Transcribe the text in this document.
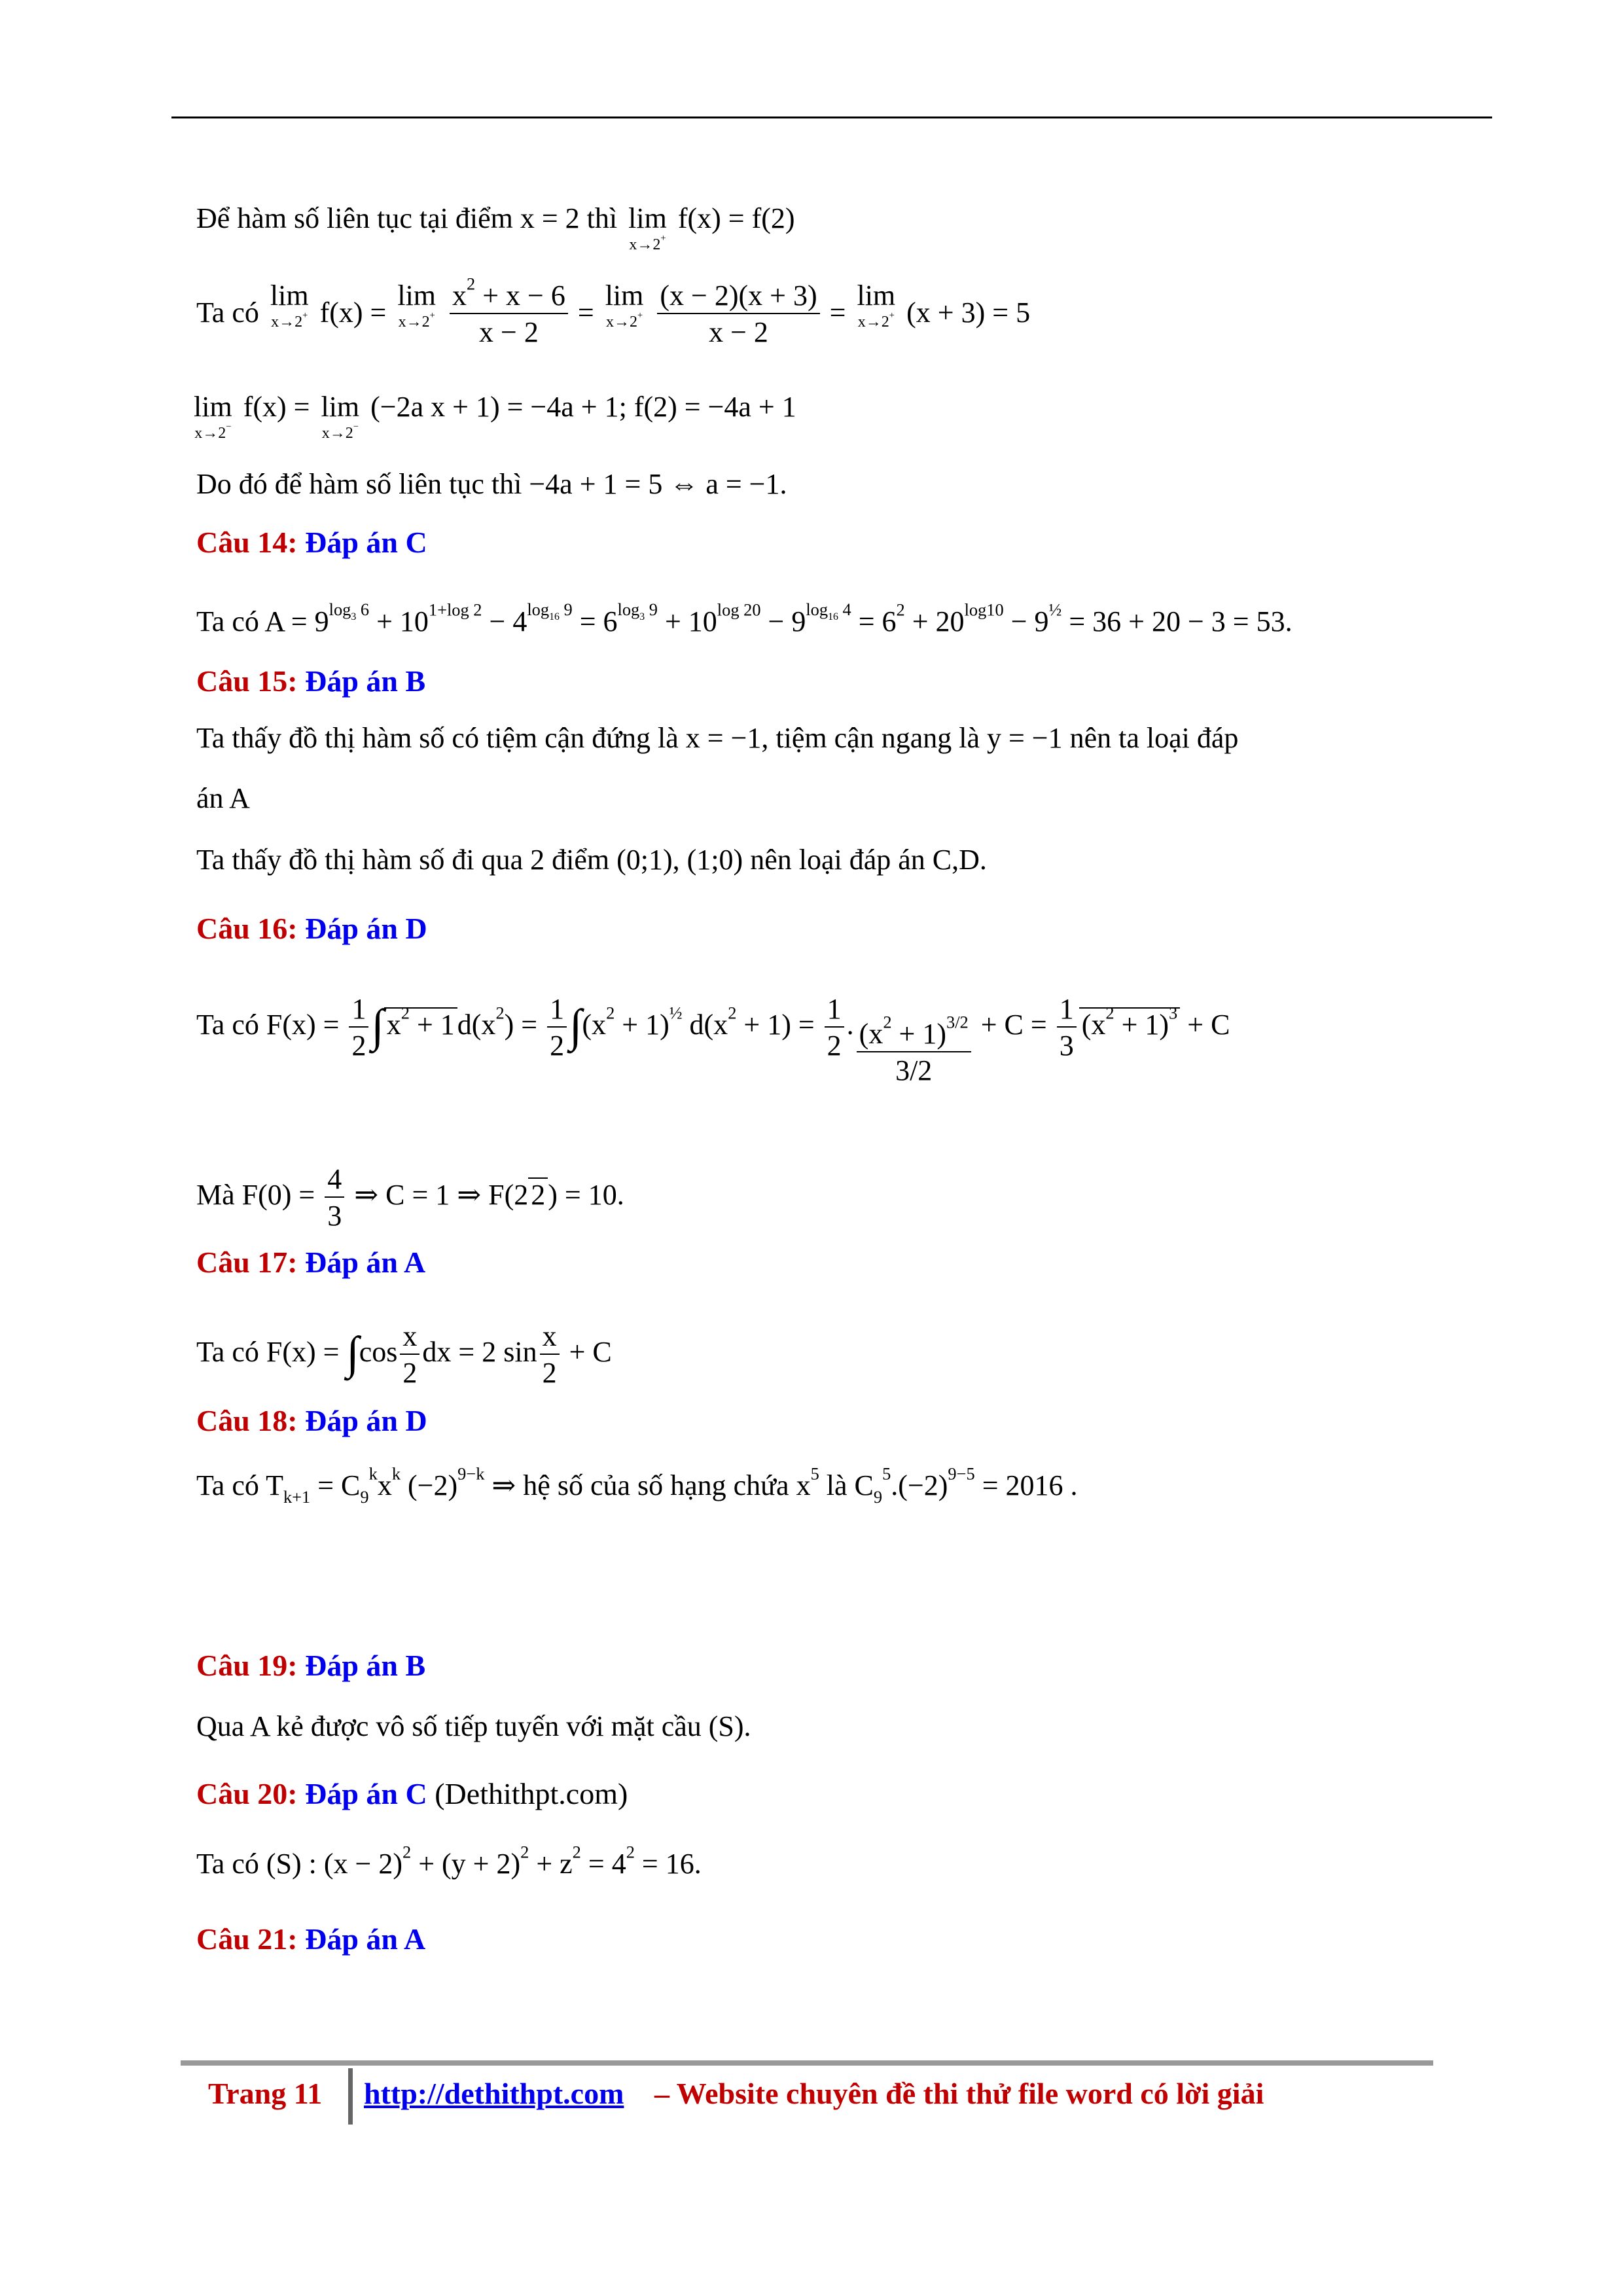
Để hàm số liên tục tại điểm x = 2 thì lim
x→2+
f(x) = f(2)
Ta có lim
x→2+ f(x) = lim
x→2+
$\frac{x^2 + x - 6}{x - 2} = \lim$
x→2+
$\frac{(x - 2)(x + 3)}{x - 2} = \lim$
x→2+ (x + 3) = 5
lim
x→2−
f(x) = lim
x→2−
(−2a x + 1) = −4a + 1; f(2) = −4a + 1
Do đó để hàm số liên tục thì −4a + 1 = 5 ⇔ a = −1.
Câu 14: Đáp án C
Ta có $A = 9^{log_3 6} + 10^{1+log 2} - 4^{log_{16} 9} = 6^{log_3 9} + 10^{log 20} - 9^{log_{16} 4} = 6^2 + 20^{log10} - 9^{\frac{1}{2}} = 36 + 20 - 3 = 53$.
Câu 15: Đáp án B
Ta thấy đồ thị hàm số có tiệm cận đứng là x = −1, tiệm cận ngang là y = −1 nên ta loại đáp
án A
Ta thấy đồ thị hàm số đi qua 2 điểm (0;1), (1;0) nên loại đáp án C,D.
Câu 16: Đáp án D
Ta có $F(x) = \frac{1}{2} \int x^2 + 1d(x^2) = \frac{1}{2} \int(x^2 + 1)^{\frac{1}{2}}$ $d(x^2 + 1) = \frac{1}{2}$ . $\frac{(x^2 + 1)^{3/2}}{3/2} + C = \frac{1}{3} (x^2 + 1)^3 + C$
Mà $F(0) = \frac{4}{3}$ ⇒ C = 1 ⇒ F(22) = 10.
Câu 17: Đáp án A
Ta có $F(x) = \int\cos \frac{x}{2}$ dx = 2 $\sin \frac{x}{2} + C$
Câu 18: Đáp án D
Ta có $T_{k+1} = C_9^kx^k$ $(-2)^{9-k}$ ⇒ hệ số của số hạng chứa $x^5$ là $C_9^5.(-2)^{9-5} = 2016$ .
Câu 19: Đáp án B
Qua A kẻ được vô số tiếp tuyến với mặt cầu (S).
Câu 20: Đáp án C (Dethithpt.com)
Ta có (S) : $(x - 2)^2 + (y + 2)^2 + z^2 = 4^2 = 16$.
Câu 21: Đáp án A
Trang 11 http://dethithpt.com – Website chuyên đề thi thử file word có lời giải
